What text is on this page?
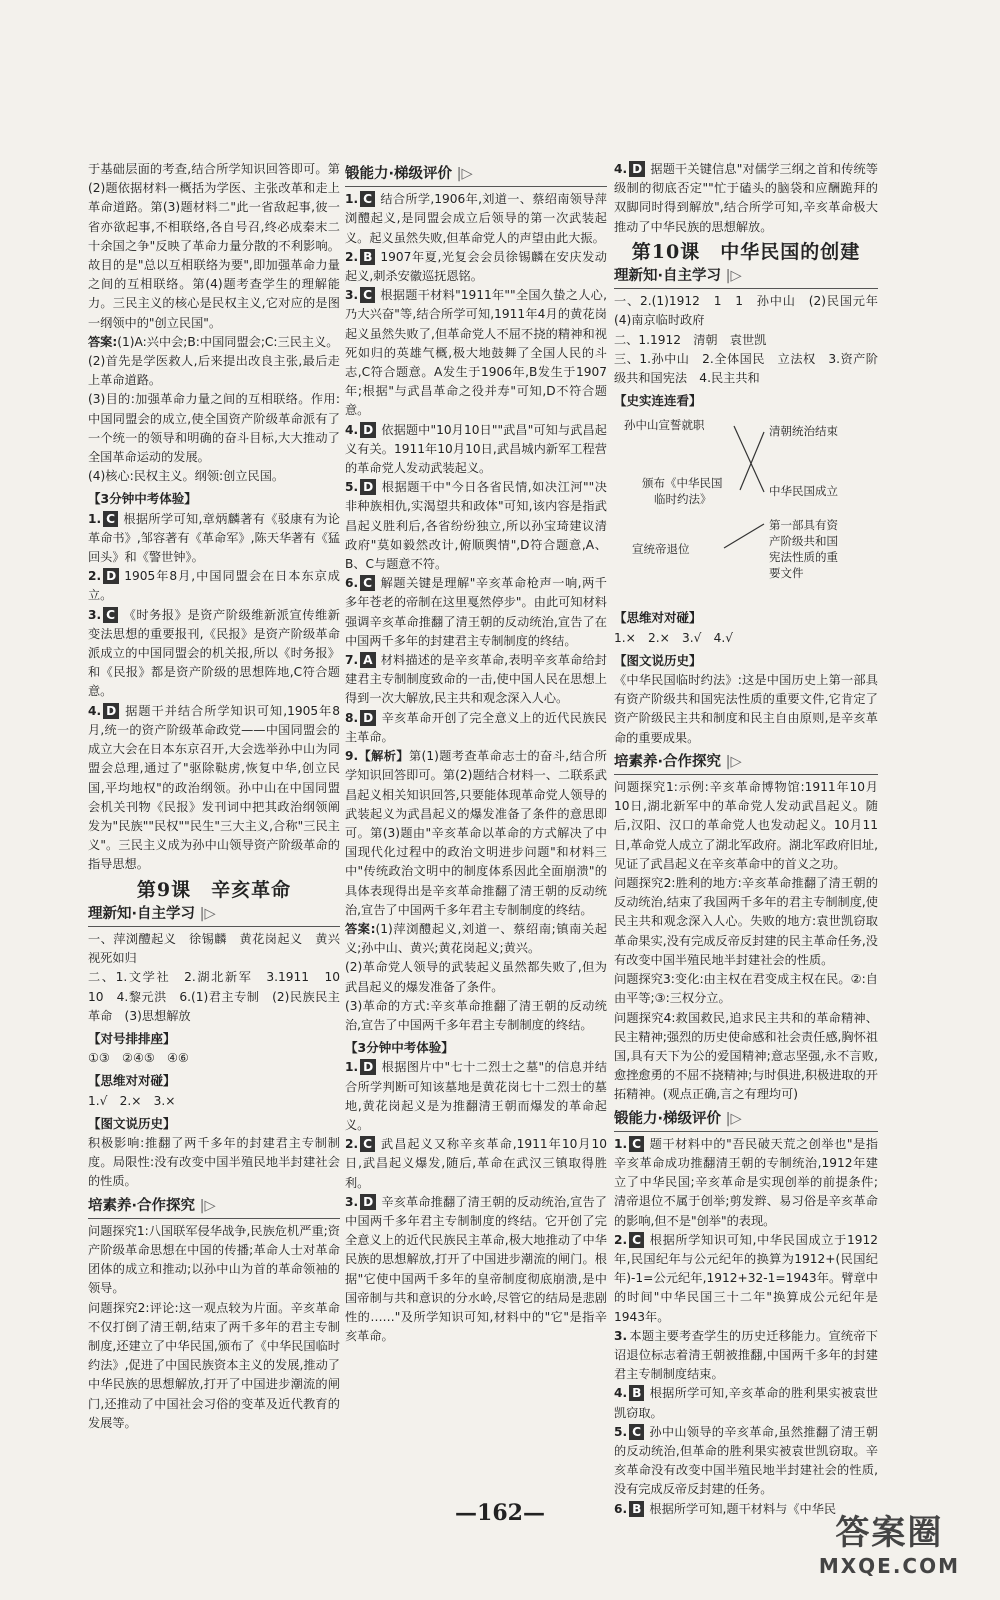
于基础层面的考查,结合所学知识回答即可。第(2)题依据材料一概括为学医、主张改革和走上革命道路。第(3)题材料二"此一省敌起事,彼一省亦欲起事,不相联络,各自号召,终必成秦末二十余国之争"反映了革命力量分散的不利影响。故目的是"总以互相联络为要",即加强革命力量之间的互相联络。第(4)题考查学生的理解能力。三民主义的核心是民权主义,它对应的是图一纲领中的"创立民国"。

答案:(1)A:兴中会;B:中国同盟会;C:三民主义。

(2)首先是学医救人,后来提出改良主张,最后走上革命道路。

(3)目的:加强革命力量之间的互相联络。作用:中国同盟会的成立,使全国资产阶级革命派有了一个统一的领导和明确的奋斗目标,大大推动了全国革命运动的发展。

(4)核心:民权主义。纲领:创立民国。

【3分钟中考体验】

1. C 根据所学可知,章炳麟著有《驳康有为论革命书》,邹容著有《革命军》,陈天华著有《猛回头》和《警世钟》。

2. D 1905年8月,中国同盟会在日本东京成立。

3. C 《时务报》是资产阶级维新派宣传维新变法思想的重要报刊,《民报》是资产阶级革命派成立的中国同盟会的机关报,所以《时务报》和《民报》都是资产阶级的思想阵地,C符合题意。

4. D 据题干并结合所学知识可知,1905年8月,统一的资产阶级革命政党——中国同盟会的成立大会在日本东京召开,大会选举孙中山为同盟会总理,通过了"驱除鞑虏,恢复中华,创立民国,平均地权"的政治纲领。孙中山在中国同盟会机关刊物《民报》发刊词中把其政治纲领阐发为"民族""民权""民生"三大主义,合称"三民主义"。三民主义成为孙中山领导资产阶级革命的指导思想。

第9课　辛亥革命
理新知·自主学习 |▷

一、萍浏醴起义　徐锡麟　黄花岗起义　黄兴　视死如归

二、1.文学社　2.湖北新军　3.1911　10　10　4.黎元洪　6.(1)君主专制　(2)民族民主革命　(3)思想解放

【对号排排座】

①③　②④⑤　④⑥

【思维对对碰】

1.√　2.×　3.×

【图文说历史】

积极影响:推翻了两千多年的封建君主专制制度。局限性:没有改变中国半殖民地半封建社会的性质。

培素养·合作探究 |▷

问题探究1:八国联军侵华战争,民族危机严重;资产阶级革命思想在中国的传播;革命人士对革命团体的成立和推动;以孙中山为首的革命领袖的领导。

问题探究2:评论:这一观点较为片面。辛亥革命不仅打倒了清王朝,结束了两千多年的君主专制制度,还建立了中华民国,颁布了《中华民国临时约法》,促进了中国民族资本主义的发展,推动了中华民族的思想解放,打开了中国进步潮流的闸门,还推动了中国社会习俗的变革及近代教育的发展等。

锻能力·梯级评价 |▷

1. C 结合所学,1906年,刘道一、蔡绍南领导萍浏醴起义,是同盟会成立后领导的第一次武装起义。起义虽然失败,但革命党人的声望由此大振。

2. B 1907年夏,光复会会员徐锡麟在安庆发动起义,刺杀安徽巡抚恩铭。

3. C 根据题干材料"1911年""全国久蛰之人心,乃大兴奋"等,结合所学可知,1911年4月的黄花岗起义虽然失败了,但革命党人不屈不挠的精神和视死如归的英雄气概,极大地鼓舞了全国人民的斗志,C符合题意。A发生于1906年,B发生于1907年;根据"与武昌革命之役并寿"可知,D不符合题意。

4. D 依据题中"10月10日""武昌"可知与武昌起义有关。1911年10月10日,武昌城内新军工程营的革命党人发动武装起义。

5. D 根据题干中"今日各省民情,如决江河""决非种族相仇,实渴望共和政体"可知,该内容是指武昌起义胜利后,各省纷纷独立,所以孙宝琦建议清政府"莫如毅然改计,俯顺舆情",D符合题意,A、B、C与题意不符。

6. C 解题关键是理解"辛亥革命枪声一响,两千多年苍老的帝制在这里戛然停步"。由此可知材料强调辛亥革命推翻了清王朝的反动统治,宣告了在中国两千多年的封建君主专制制度的终结。

7. A 材料描述的是辛亥革命,表明辛亥革命给封建君主专制制度致命的一击,使中国人民在思想上得到一次大解放,民主共和观念深入人心。

8. D 辛亥革命开创了完全意义上的近代民族民主革命。

9.【解析】第(1)题考查革命志士的奋斗,结合所学知识回答即可。第(2)题结合材料一、二联系武昌起义相关知识回答,只要能体现革命党人领导的武装起义为武昌起义的爆发准备了条件的意思即可。第(3)题由"辛亥革命以革命的方式解决了中国现代化过程中的政治文明进步问题"和材料三中"传统政治文明中的制度体系因此全面崩溃"的具体表现得出是辛亥革命推翻了清王朝的反动统治,宣告了中国两千多年君主专制制度的终结。

答案:(1)萍浏醴起义,刘道一、蔡绍南;镇南关起义;孙中山、黄兴;黄花岗起义;黄兴。

(2)革命党人领导的武装起义虽然都失败了,但为武昌起义的爆发准备了条件。

(3)革命的方式:辛亥革命推翻了清王朝的反动统治,宣告了中国两千多年君主专制制度的终结。

【3分钟中考体验】

1. D 根据图片中"七十二烈士之墓"的信息并结合所学判断可知该墓地是黄花岗七十二烈士的墓地,黄花岗起义是为推翻清王朝而爆发的革命起义。

2. C 武昌起义又称辛亥革命,1911年10月10日,武昌起义爆发,随后,革命在武汉三镇取得胜利。

3. D 辛亥革命推翻了清王朝的反动统治,宣告了中国两千多年君主专制制度的终结。它开创了完全意义上的近代民族民主革命,极大地推动了中华民族的思想解放,打开了中国进步潮流的闸门。根据"它使中国两千多年的皇帝制度彻底崩溃,是中国帝制与共和意识的分水岭,尽管它的结局是悲剧性的……"及所学知识可知,材料中的"它"是指辛亥革命。

4. D 据题干关键信息"对儒学三纲之首和传统等级制的彻底否定""忙于磕头的脑袋和应酬跪拜的双脚同时得到解放",结合所学可知,辛亥革命极大推动了中华民族的思想解放。

第10课　中华民国的创建
理新知·自主学习 |▷

一、2.(1)1912　1　1　孙中山　(2)民国元年　(4)南京临时政府

二、1.1912　清朝　袁世凯

三、1.孙中山　2.全体国民　立法权　3.资产阶级共和国宪法　4.民主共和

【史实连连看】
孙中山宣誓就职
颁布《中华民国
临时约法》
宣统帝退位
清朝统治结束
中华民国成立
第一部具有资
产阶级共和国
宪法性质的重
要文件
【思维对对碰】

1.×　2.×　3.√　4.√

【图文说历史】

《中华民国临时约法》:这是中国历史上第一部具有资产阶级共和国宪法性质的重要文件,它肯定了资产阶级民主共和制度和民主自由原则,是辛亥革命的重要成果。

培素养·合作探究 |▷

问题探究1:示例:辛亥革命博物馆:1911年10月10日,湖北新军中的革命党人发动武昌起义。随后,汉阳、汉口的革命党人也发动起义。10月11日,革命党人成立了湖北军政府。湖北军政府旧址,见证了武昌起义在辛亥革命中的首义之功。

问题探究2:胜利的地方:辛亥革命推翻了清王朝的反动统治,结束了我国两千多年的君主专制制度,使民主共和观念深入人心。失败的地方:袁世凯窃取革命果实,没有完成反帝反封建的民主革命任务,没有改变中国半殖民地半封建社会的性质。

问题探究3:变化:由主权在君变成主权在民。②:自由平等;③:三权分立。

问题探究4:救国救民,追求民主共和的革命精神、民主精神;强烈的历史使命感和社会责任感,胸怀祖国,具有天下为公的爱国精神;意志坚强,永不言败,愈挫愈勇的不屈不挠精神;与时俱进,积极进取的开拓精神。(观点正确,言之有理均可)

锻能力·梯级评价 |▷

1. C 题干材料中的"吾民破天荒之创举也"是指辛亥革命成功推翻清王朝的专制统治,1912年建立了中华民国;辛亥革命是实现创举的前提条件;清帝退位不属于创举;剪发辫、易习俗是辛亥革命的影响,但不是"创举"的表现。

2. C 根据所学知识可知,中华民国成立于1912年,民国纪年与公元纪年的换算为1912+(民国纪年)-1=公元纪年,1912+32-1=1943年。臂章中的时间"中华民国三十二年"换算成公元纪年是1943年。

3. 本题主要考查学生的历史迁移能力。宣统帝下诏退位标志着清王朝被推翻,中国两千多年的封建君主专制制度结束。

4. B 根据所学可知,辛亥革命的胜利果实被袁世凯窃取。

5. C 孙中山领导的辛亥革命,虽然推翻了清王朝的反动统治,但革命的胜利果实被袁世凯窃取。辛亥革命没有改变中国半殖民地半封建社会的性质,没有完成反帝反封建的任务。

6. B 根据所学可知,题干材料与《中华民

—162—	答案圈
MXQE.COM
